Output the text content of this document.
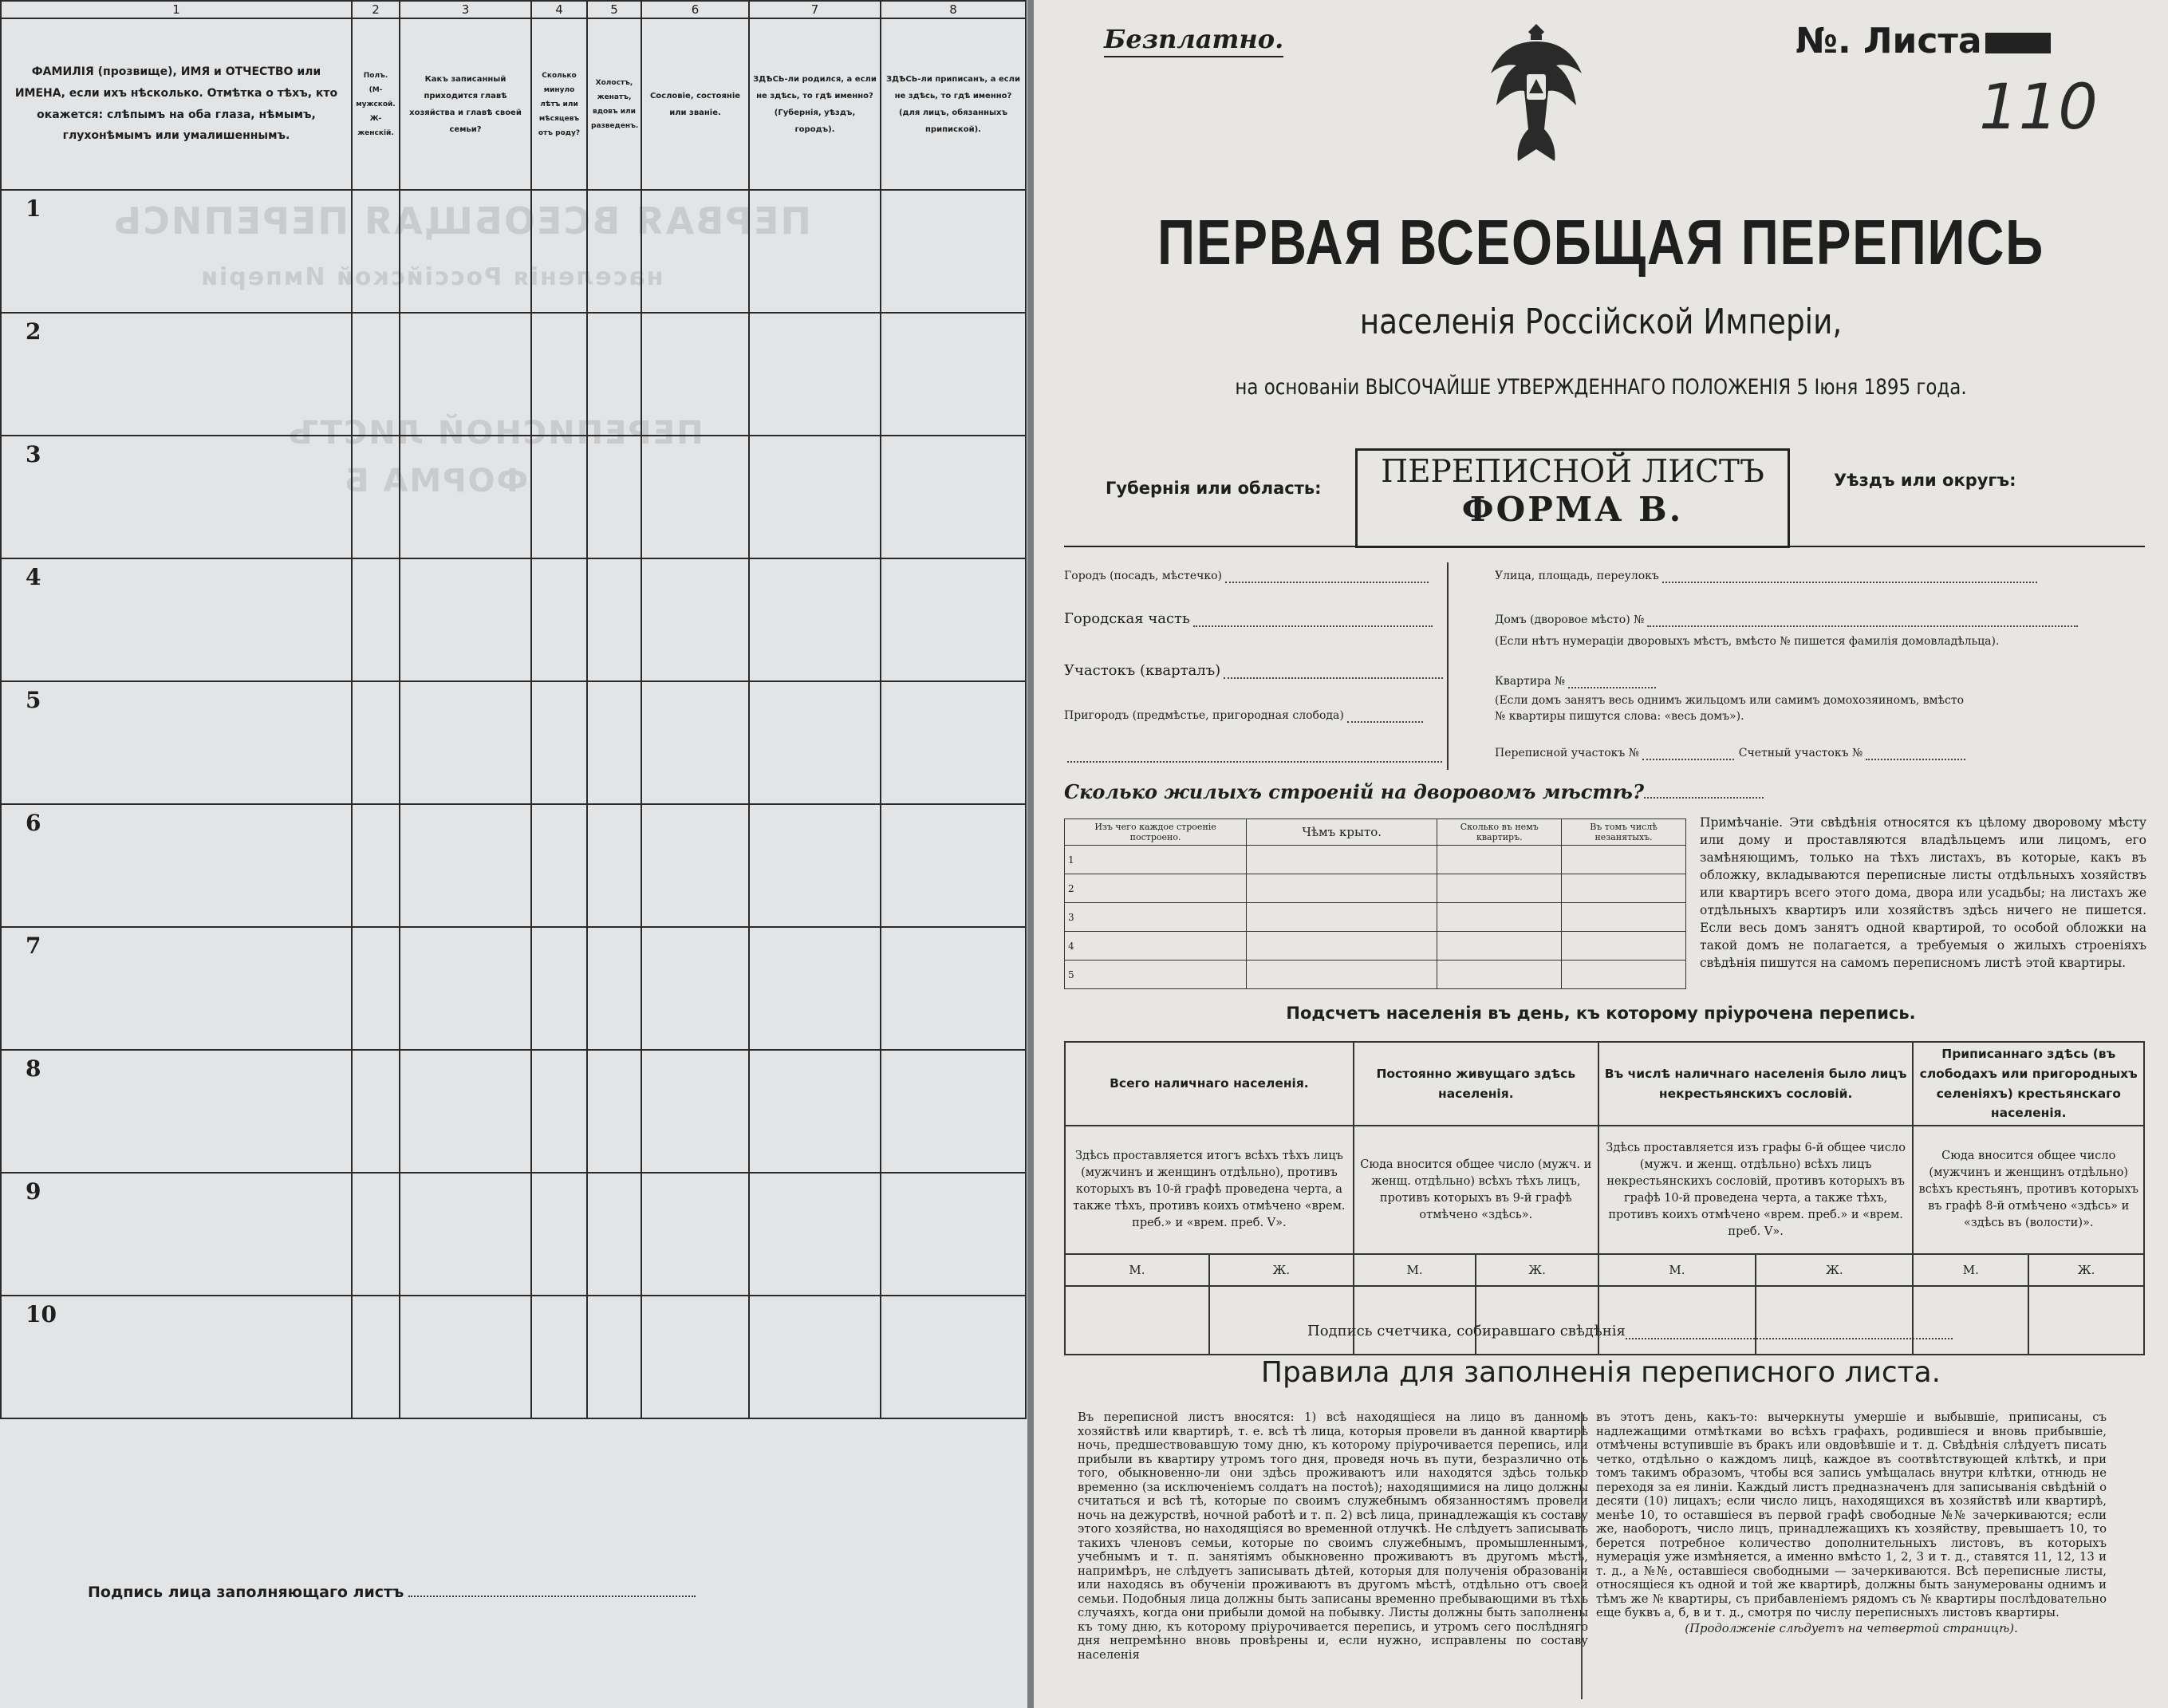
ПЕРВАЯ ВСЕОБЩАЯ ПЕРЕПИСЬ
населенія Россійской Имперіи
ПЕРЕПИСНОЙ ЛИСТЪ
ФОРМА Б
1	2	3	4	5	6	7	8
ФАМИЛІЯ (прозвище), ИМЯ и ОТЧЕСТВО или ИМЕНА, если ихъ нѣсколько. Отмѣтка о тѣхъ, кто окажется: слѣпымъ на оба глаза, нѣмымъ, глухонѣмымъ или умалишеннымъ.	Полъ. (М-мужской. Ж-женскій.	Какъ записанный приходится главѣ хозяйства и главѣ своей семьи?	Сколько минуло лѣтъ или мѣсяцевъ отъ роду?	Холостъ, женатъ, вдовъ или разведенъ.	Сословіе, состояніе или званіе.	ЗДѢСЬ-ли родился, а если не здѣсь, то гдѣ именно? (Губернія, уѣздъ, городъ).	ЗДѢСЬ-ли приписанъ, а если не здѣсь, то гдѣ именно? (для лицъ, обязанныхъ припиской).

1							

2							

3							

4							

5							

6							

7							

8							

9							

10							

Подпись лица заполняющаго листъ
Безплатно.	№. Листа
110
ПЕРВАЯ ВСЕОБЩАЯ ПЕРЕПИСЬ
населенія Россійской Имперіи,
на основаніи ВЫСОЧАЙШЕ УТВЕРЖДЕННАГО ПОЛОЖЕНІЯ 5 Іюня 1895 года.
Губернія или область:	ПЕРЕПИСНОЙ ЛИСТЪ
ФОРМА В.
Уѣздъ или округъ:
Городъ (посадъ, мѣстечко)
Городская часть
Участокъ (кварталъ)
Пригородъ (предмѣстье, пригородная слобода)
Улица, площадь, переулокъ
Домъ (дворовое мѣсто) №
(Если нѣтъ нумераціи дворовыхъ мѣстъ, вмѣсто № пишется фамилія домовладѣльца).
Квартира №
(Если домъ занятъ весь однимъ жильцомъ или самимъ домохозяиномъ, вмѣсто
№ квартиры пишутся слова: «весь домъ»).
Переписной участокъ №	Счетный участокъ №
Сколько жилыхъ строеній на дворовомъ мѣстѣ?
Изъ чего каждое строеніе построено.	Чѣмъ крыто.	Сколько въ немъ квартиръ.	Въ томъ числѣ незанятыхъ.
1			
2			
3			
4			
5			
Примѣчаніе. Эти свѣдѣнія относятся къ цѣлому дворовому мѣсту или дому и проставляются владѣльцемъ или лицомъ, его замѣняющимъ, только на тѣхъ листахъ, въ которые, какъ въ обложку, вкладываются переписные листы отдѣльныхъ хозяйствъ или квартиръ всего этого дома, двора или усадьбы; на листахъ же отдѣльныхъ квартиръ или хозяйствъ здѣсь ничего не пишется. Если весь домъ занятъ одной квартирой, то особой обложки на такой домъ не полагается, а требуемыя о жилыхъ строеніяхъ свѣдѣнія пишутся на самомъ переписномъ листѣ этой квартиры.
Подсчетъ населенія въ день, къ которому пріурочена перепись.
Всего наличнаго населенія.		Постоянно живущаго здѣсь населенія.		Въ числѣ наличнаго населенія было лицъ некрестьянскихъ сословій.		Приписаннаго здѣсь (въ слободахъ или пригородныхъ селеніяхъ) крестьянскаго населенія.	
Здѣсь проставляется итогъ всѣхъ тѣхъ лицъ (мужчинъ и женщинъ отдѣльно), противъ которыхъ въ 10-й графѣ проведена черта, а также тѣхъ, противъ коихъ отмѣчено «врем. преб.» и «врем. преб. V».		Сюда вносится общее число (мужч. и женщ. отдѣльно) всѣхъ тѣхъ лицъ, противъ которыхъ въ 9-й графѣ отмѣчено «здѣсь».		Здѣсь проставляется изъ графы 6-й общее число (мужч. и женщ. отдѣльно) всѣхъ лицъ некрестьянскихъ сословій, противъ которыхъ въ графѣ 10-й проведена черта, а также тѣхъ, противъ коихъ отмѣчено «врем. преб.» и «врем. преб. V».		Сюда вносится общее число (мужчинъ и женщинъ отдѣльно) всѣхъ крестьянъ, противъ которыхъ въ графѣ 8-й отмѣчено «здѣсь» и «здѣсь въ (волости)».	
М.	Ж.	М.	Ж.	М.	Ж.	М.	Ж.

Подпись счетчика, собиравшаго свѣдѣнія
Правила для заполненія переписного листа.
Въ переписной листъ вносятся: 1) всѣ находящіеся на лицо въ данномъ хозяйствѣ или квартирѣ, т. е. всѣ тѣ лица, которыя провели въ данной квартирѣ ночь, предшествовавшую тому дню, къ которому пріурочивается перепись, или прибыли въ квартиру утромъ того дня, проведя ночь въ пути, безразлично отъ того, обыкновенно-ли они здѣсь проживаютъ или находятся здѣсь только временно (за исключеніемъ солдатъ на постоѣ); находящимися на лицо должны считаться и всѣ тѣ, которые по своимъ служебнымъ обязанностямъ провели ночь на дежурствѣ, ночной работѣ и т. п. 2) всѣ лица, принадлежащія къ составу этого хозяйства, но находящіяся во временной отлучкѣ. Не слѣдуетъ записывать такихъ членовъ семьи, которые по своимъ служебнымъ, промышленнымъ, учебнымъ и т. п. занятіямъ обыкновенно проживаютъ въ другомъ мѣстѣ, напримѣръ, не слѣдуетъ записывать дѣтей, которыя для полученія образованія или находясь въ обученіи проживаютъ въ другомъ мѣстѣ, отдѣльно отъ своей семьи. Подобныя лица должны быть записаны временно пребывающими въ тѣхъ случаяхъ, когда они прибыли домой на побывку. Листы должны быть заполнены къ тому дню, къ которому пріурочивается перепись, и утромъ сего послѣдняго дня непремѣнно вновь провѣрены и, если нужно, исправлены по составу населенія
въ этотъ день, какъ-то: вычеркнуты умершіе и выбывшіе, приписаны, съ надлежащими отмѣтками во всѣхъ графахъ, родившіеся и вновь прибывшіе, отмѣчены вступившіе въ бракъ или овдовѣвшіе и т. д. Свѣдѣнія слѣдуетъ писать четко, отдѣльно о каждомъ лицѣ, каждое въ соотвѣтствующей клѣткѣ, и при томъ такимъ образомъ, чтобы вся запись умѣщалась внутри клѣтки, отнюдь не переходя за ея линіи. Каждый листъ предназначенъ для записыванія свѣдѣній о десяти (10) лицахъ; если число лицъ, находящихся въ хозяйствѣ или квартирѣ, менѣе 10, то оставшіеся въ первой графѣ свободные №№ зачеркиваются; если же, наоборотъ, число лицъ, принадлежащихъ къ хозяйству, превышаетъ 10, то берется потребное количество дополнительныхъ листовъ, въ которыхъ нумерація уже измѣняется, а именно вмѣсто 1, 2, 3 и т. д., ставятся 11, 12, 13 и т. д., а №№, оставшіеся свободными — зачеркиваются. Всѣ переписные листы, относящіеся къ одной и той же квартирѣ, должны быть занумерованы однимъ и тѣмъ же № квартиры, съ прибавленіемъ рядомъ съ № квартиры послѣдовательно еще буквъ а, б, в и т. д., смотря по числу переписныхъ листовъ квартиры.
(Продолженіе слѣдуетъ на четвертой страницѣ).
